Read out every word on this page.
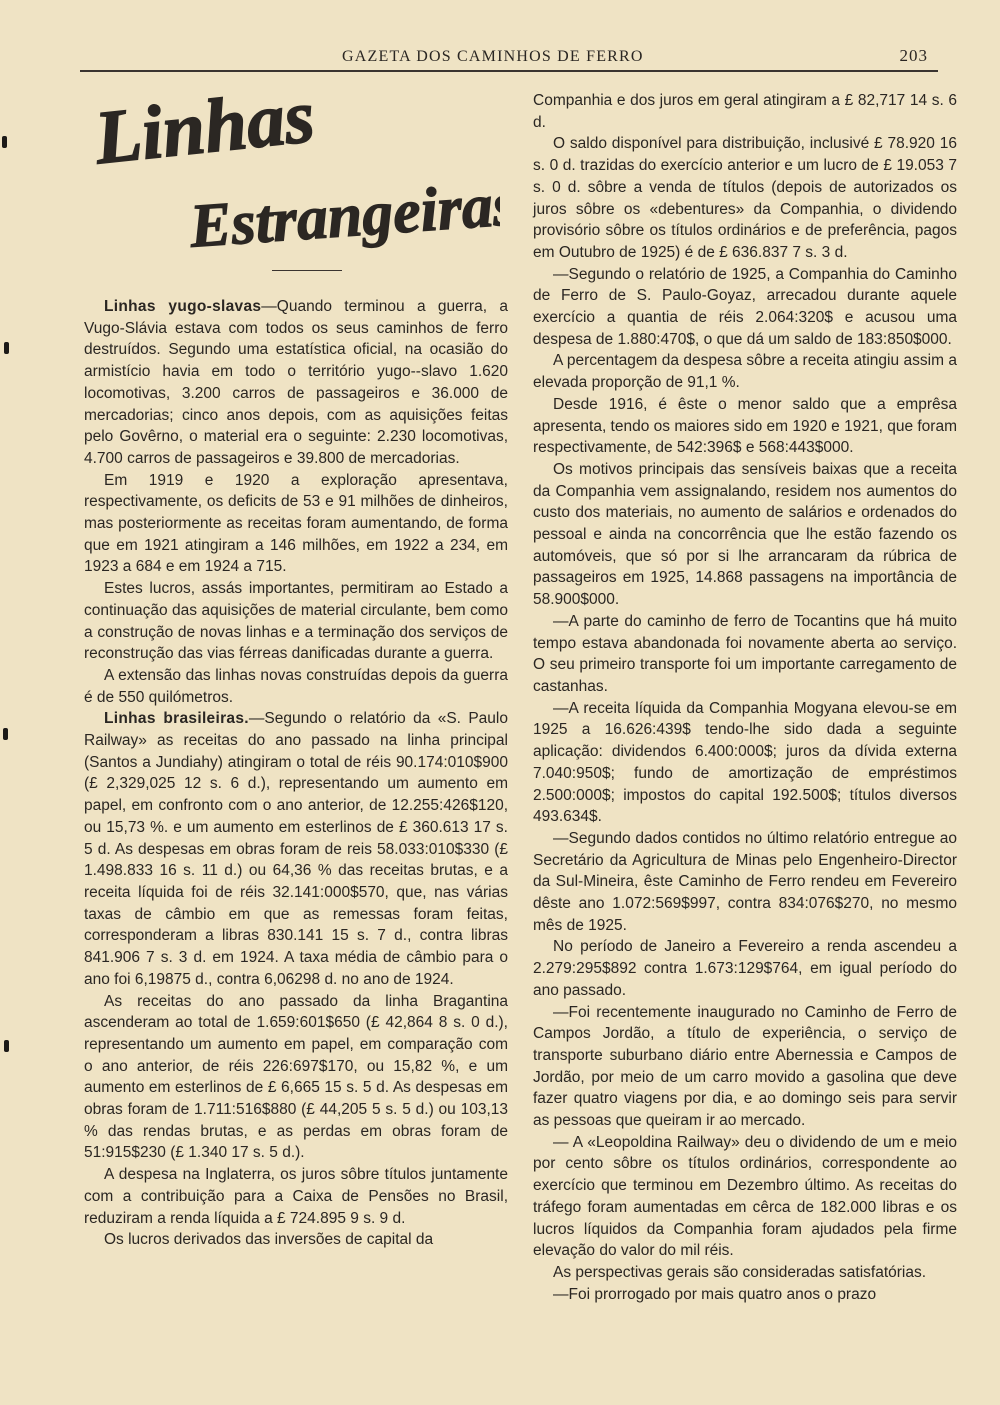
GAZETA DOS CAMINHOS DE FERRO	203
Linhas
Estrangeiras

Linhas yugo-slavas—Quando terminou a guerra, a Vugo-Slávia estava com todos os seus caminhos de ferro destruídos. Segundo uma estatística oficial, na ocasião do armistício havia em todo o território yugo--slavo 1.620 locomotivas, 3.200 carros de passageiros e 36.000 de mercadorias; cinco anos depois, com as aquisições feitas pelo Govêrno, o material era o seguinte: 2.230 locomotivas, 4.700 carros de passageiros e 39.800 de mercadorias.

Em 1919 e 1920 a exploração apresentava, respectivamente, os deficits de 53 e 91 milhões de dinheiros, mas posteriormente as receitas foram aumentando, de forma que em 1921 atingiram a 146 milhões, em 1922 a 234, em 1923 a 684 e em 1924 a 715.

Estes lucros, assás importantes, permitiram ao Estado a continuação das aquisições de material circulante, bem como a construção de novas linhas e a terminação dos serviços de reconstrução das vias férreas danificadas durante a guerra.

A extensão das linhas novas construídas depois da guerra é de 550 quilómetros.

Linhas brasileiras.—Segundo o relatório da «S. Paulo Railway» as receitas do ano passado na linha principal (Santos a Jundiahy) atingiram o total de réis 90.174:010$900 (£ 2,329,025 12 s. 6 d.), representando um aumento em papel, em confronto com o ano anterior, de 12.255:426$120, ou 15,73 %. e um aumento em esterlinos de £ 360.613 17 s. 5 d. As despesas em obras foram de reis 58.033:010$330 (£ 1.498.833 16 s. 11 d.) ou 64,36 % das receitas brutas, e a receita líquida foi de réis 32.141:000$570, que, nas várias taxas de câmbio em que as remessas foram feitas, corresponderam a libras 830.141 15 s. 7 d., contra libras 841.906 7 s. 3 d. em 1924. A taxa média de câmbio para o ano foi 6,19875 d., contra 6,06298 d. no ano de 1924.

As receitas do ano passado da linha Bragantina ascenderam ao total de 1.659:601$650 (£ 42,864 8 s. 0 d.), representando um aumento em papel, em comparação com o ano anterior, de réis 226:697$170, ou 15,82 %, e um aumento em esterlinos de £ 6,665 15 s. 5 d. As despesas em obras foram de 1.711:516$880 (£ 44,205 5 s. 5 d.) ou 103,13 % das rendas brutas, e as perdas em obras foram de 51:915$230 (£ 1.340 17 s. 5 d.).

A despesa na Inglaterra, os juros sôbre títulos juntamente com a contribuição para a Caixa de Pensões no Brasil, reduziram a renda líquida a £ 724.895 9 s. 9 d.

Os lucros derivados das inversões de capital da

Companhia e dos juros em geral atingiram a £ 82,717 14 s. 6 d.

O saldo disponível para distribuição, inclusivé £ 78.920 16 s. 0 d. trazidas do exercício anterior e um lucro de £ 19.053 7 s. 0 d. sôbre a venda de títulos (depois de autorizados os juros sôbre os «debentures» da Companhia, o dividendo provisório sôbre os títulos ordinários e de preferência, pagos em Outubro de 1925) é de £ 636.837 7 s. 3 d.

—Segundo o relatório de 1925, a Companhia do Caminho de Ferro de S. Paulo-Goyaz, arrecadou durante aquele exercício a quantia de réis 2.064:320$ e acusou uma despesa de 1.880:470$, o que dá um saldo de 183:850$000.

A percentagem da despesa sôbre a receita atingiu assim a elevada proporção de 91,1 %.

Desde 1916, é êste o menor saldo que a emprêsa apresenta, tendo os maiores sido em 1920 e 1921, que foram respectivamente, de 542:396$ e 568:443$000.

Os motivos principais das sensíveis baixas que a receita da Companhia vem assignalando, residem nos aumentos do custo dos materiais, no aumento de salários e ordenados do pessoal e ainda na concorrência que lhe estão fazendo os automóveis, que só por si lhe arrancaram da rúbrica de passageiros em 1925, 14.868 passagens na importância de 58.900$000.

—A parte do caminho de ferro de Tocantins que há muito tempo estava abandonada foi novamente aberta ao serviço. O seu primeiro transporte foi um importante carregamento de castanhas.

—A receita líquida da Companhia Mogyana elevou-se em 1925 a 16.626:439$ tendo-lhe sido dada a seguinte aplicação: dividendos 6.400:000$; juros da dívida externa 7.040:950$; fundo de amortização de empréstimos 2.500:000$; impostos do capital 192.500$; títulos diversos 493.634$.

—Segundo dados contidos no último relatório entregue ao Secretário da Agricultura de Minas pelo Engenheiro-Director da Sul-Mineira, êste Caminho de Ferro rendeu em Fevereiro dêste ano 1.072:569$997, contra 834:076$270, no mesmo mês de 1925.

No período de Janeiro a Fevereiro a renda ascendeu a 2.279:295$892 contra 1.673:129$764, em igual período do ano passado.

—Foi recentemente inaugurado no Caminho de Ferro de Campos Jordão, a título de experiência, o serviço de transporte suburbano diário entre Abernessia e Campos de Jordão, por meio de um carro movido a gasolina que deve fazer quatro viagens por dia, e ao domingo seis para servir as pessoas que queiram ir ao mercado.

— A «Leopoldina Railway» deu o dividendo de um e meio por cento sôbre os títulos ordinários, correspondente ao exercício que terminou em Dezembro último. As receitas do tráfego foram aumentadas em cêrca de 182.000 libras e os lucros líquidos da Companhia foram ajudados pela firme elevação do valor do mil réis.

As perspectivas gerais são consideradas satisfatórias.

—Foi prorrogado por mais quatro anos o prazo
